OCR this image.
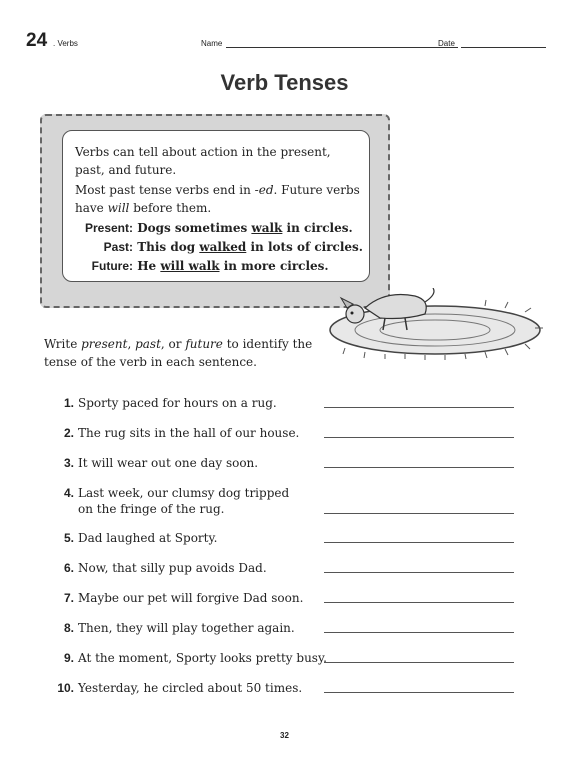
24 . Verbs	Name	Date
Verb Tenses

Verbs can tell about action in the present, past, and future.

Most past tense verbs end in -ed. Future verbs have will before them.

Present: Dogs sometimes walk in circles.
Past: This dog walked in lots of circles.
Future: He will walk in more circles.
Write present, past, or future to identify the tense of the verb in each sentence.
1. Sporty paced for hours on a rug.
2. The rug sits in the hall of our house.
3. It will wear out one day soon.
4. Last week, our clumsy dog tripped
on the fringe of the rug.
5. Dad laughed at Sporty.
6. Now, that silly pup avoids Dad.
7. Maybe our pet will forgive Dad soon.
8. Then, they will play together again.
9. At the moment, Sporty looks pretty busy.
10. Yesterday, he circled about 50 times.
32
